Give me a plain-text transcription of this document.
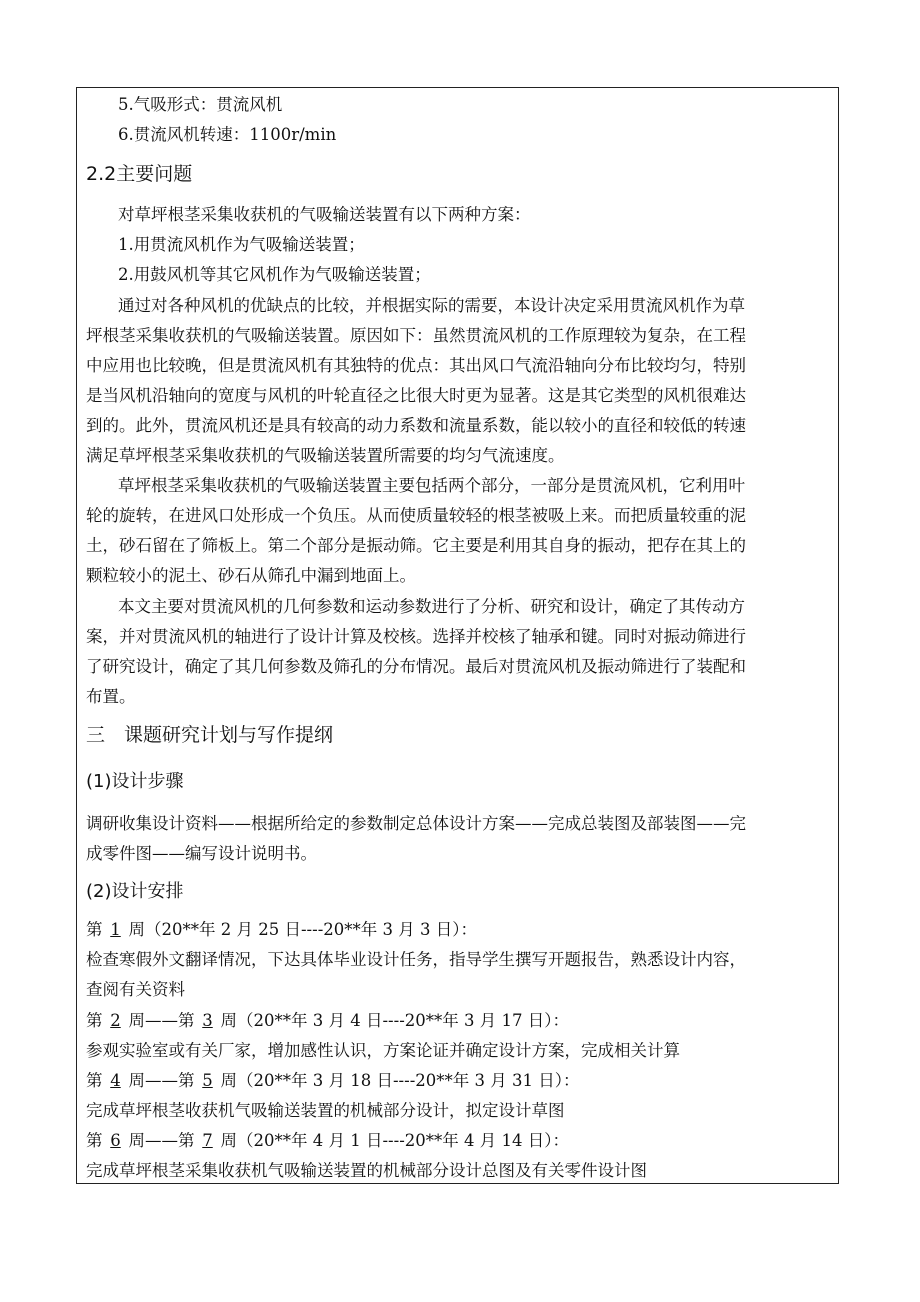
5.气吸形式：贯流风机
6.贯流风机转速：1100r/min
2.2主要问题
对草坪根茎采集收获机的气吸输送装置有以下两种方案：
1.用贯流风机作为气吸输送装置；
2.用鼓风机等其它风机作为气吸输送装置；
通过对各种风机的优缺点的比较，并根据实际的需要，本设计决定采用贯流风机作为草
坪根茎采集收获机的气吸输送装置。原因如下：虽然贯流风机的工作原理较为复杂，在工程
中应用也比较晚，但是贯流风机有其独特的优点：其出风口气流沿轴向分布比较均匀，特别
是当风机沿轴向的宽度与风机的叶轮直径之比很大时更为显著。这是其它类型的风机很难达
到的。此外，贯流风机还是具有较高的动力系数和流量系数，能以较小的直径和较低的转速
满足草坪根茎采集收获机的气吸输送装置所需要的均匀气流速度。
草坪根茎采集收获机的气吸输送装置主要包括两个部分，一部分是贯流风机，它利用叶
轮的旋转，在进风口处形成一个负压。从而使质量较轻的根茎被吸上来。而把质量较重的泥
土，砂石留在了筛板上。第二个部分是振动筛。它主要是利用其自身的振动，把存在其上的
颗粒较小的泥土、砂石从筛孔中漏到地面上。
本文主要对贯流风机的几何参数和运动参数进行了分析、研究和设计，确定了其传动方
案，并对贯流风机的轴进行了设计计算及校核。选择并校核了轴承和键。同时对振动筛进行
了研究设计，确定了其几何参数及筛孔的分布情况。最后对贯流风机及振动筛进行了装配和
布置。
三　课题研究计划与写作提纲
(1)设计步骤
调研收集设计资料——根据所给定的参数制定总体设计方案——完成总装图及部装图——完
成零件图——编写设计说明书。
(2)设计安排
第 1 周（20**年 2 月 25 日----20**年 3 月 3 日）：
检查寒假外文翻译情况，下达具体毕业设计任务，指导学生撰写开题报告，熟悉设计内容，
查阅有关资料
第 2 周——第 3 周（20**年 3 月 4 日----20**年 3 月 17 日）：
参观实验室或有关厂家，增加感性认识，方案论证并确定设计方案，完成相关计算
第 4 周——第 5 周（20**年 3 月 18 日----20**年 3 月 31 日）：
完成草坪根茎收获机气吸输送装置的机械部分设计，拟定设计草图
第 6 周——第 7 周（20**年 4 月 1 日----20**年 4 月 14 日）：
完成草坪根茎采集收获机气吸输送装置的机械部分设计总图及有关零件设计图
